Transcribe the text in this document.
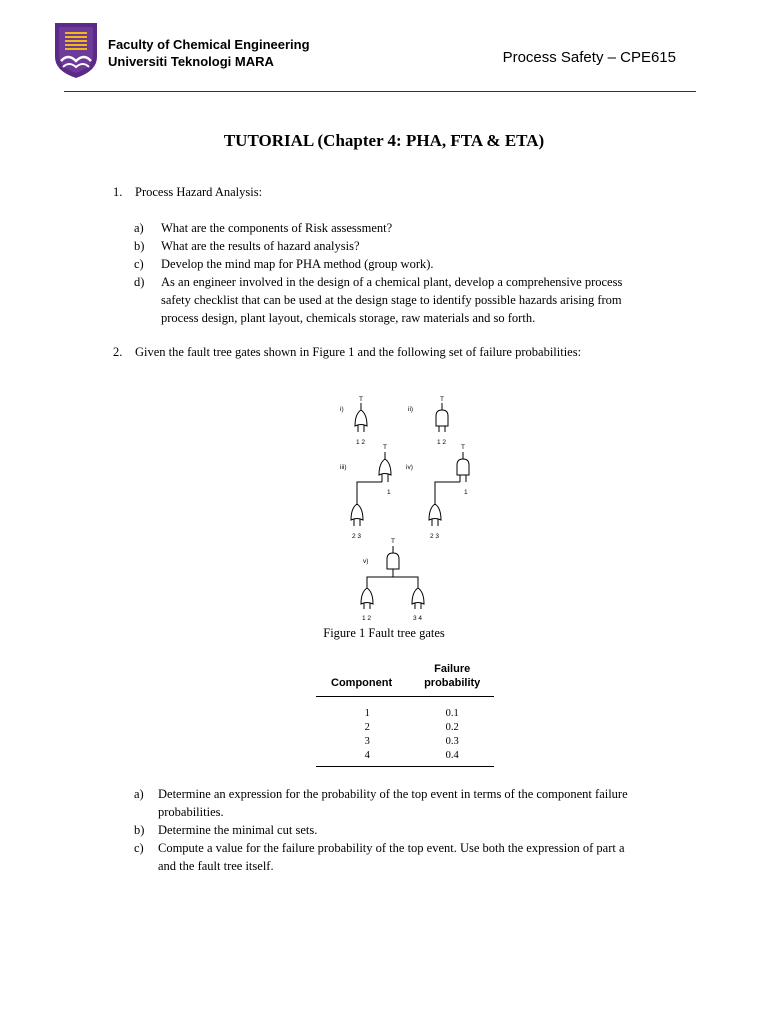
Faculty of Chemical Engineering
Universiti Teknologi MARA	Process Safety – CPE615
TUTORIAL (Chapter 4: PHA, FTA & ETA)
1. Process Hazard Analysis:
a) What are the components of Risk assessment?
b) What are the results of hazard analysis?
c) Develop the mind map for PHA method (group work).
d) As an engineer involved in the design of a chemical plant, develop a comprehensive process
safety checklist that can be used at the design stage to identify possible hazards arising from
process design, plant layout, chemicals storage, raw materials and so forth.
2. Given the fault tree gates shown in Figure 1 and the following set of failure probabilities:
i)
T
1 2
ii)
T
1 2
iii)
T
1
2 3
iv)
T
1
2 3
v)
T
1 2	3 4
Figure 1 Fault tree gates
Component	Failure
probability

1	0.1
2	0.2
3	0.3
4	0.4
a) Determine an expression for the probability of the top event in terms of the component failure
probabilities.
b) Determine the minimal cut sets.
c) Compute a value for the failure probability of the top event. Use both the expression of part a
and the fault tree itself.
